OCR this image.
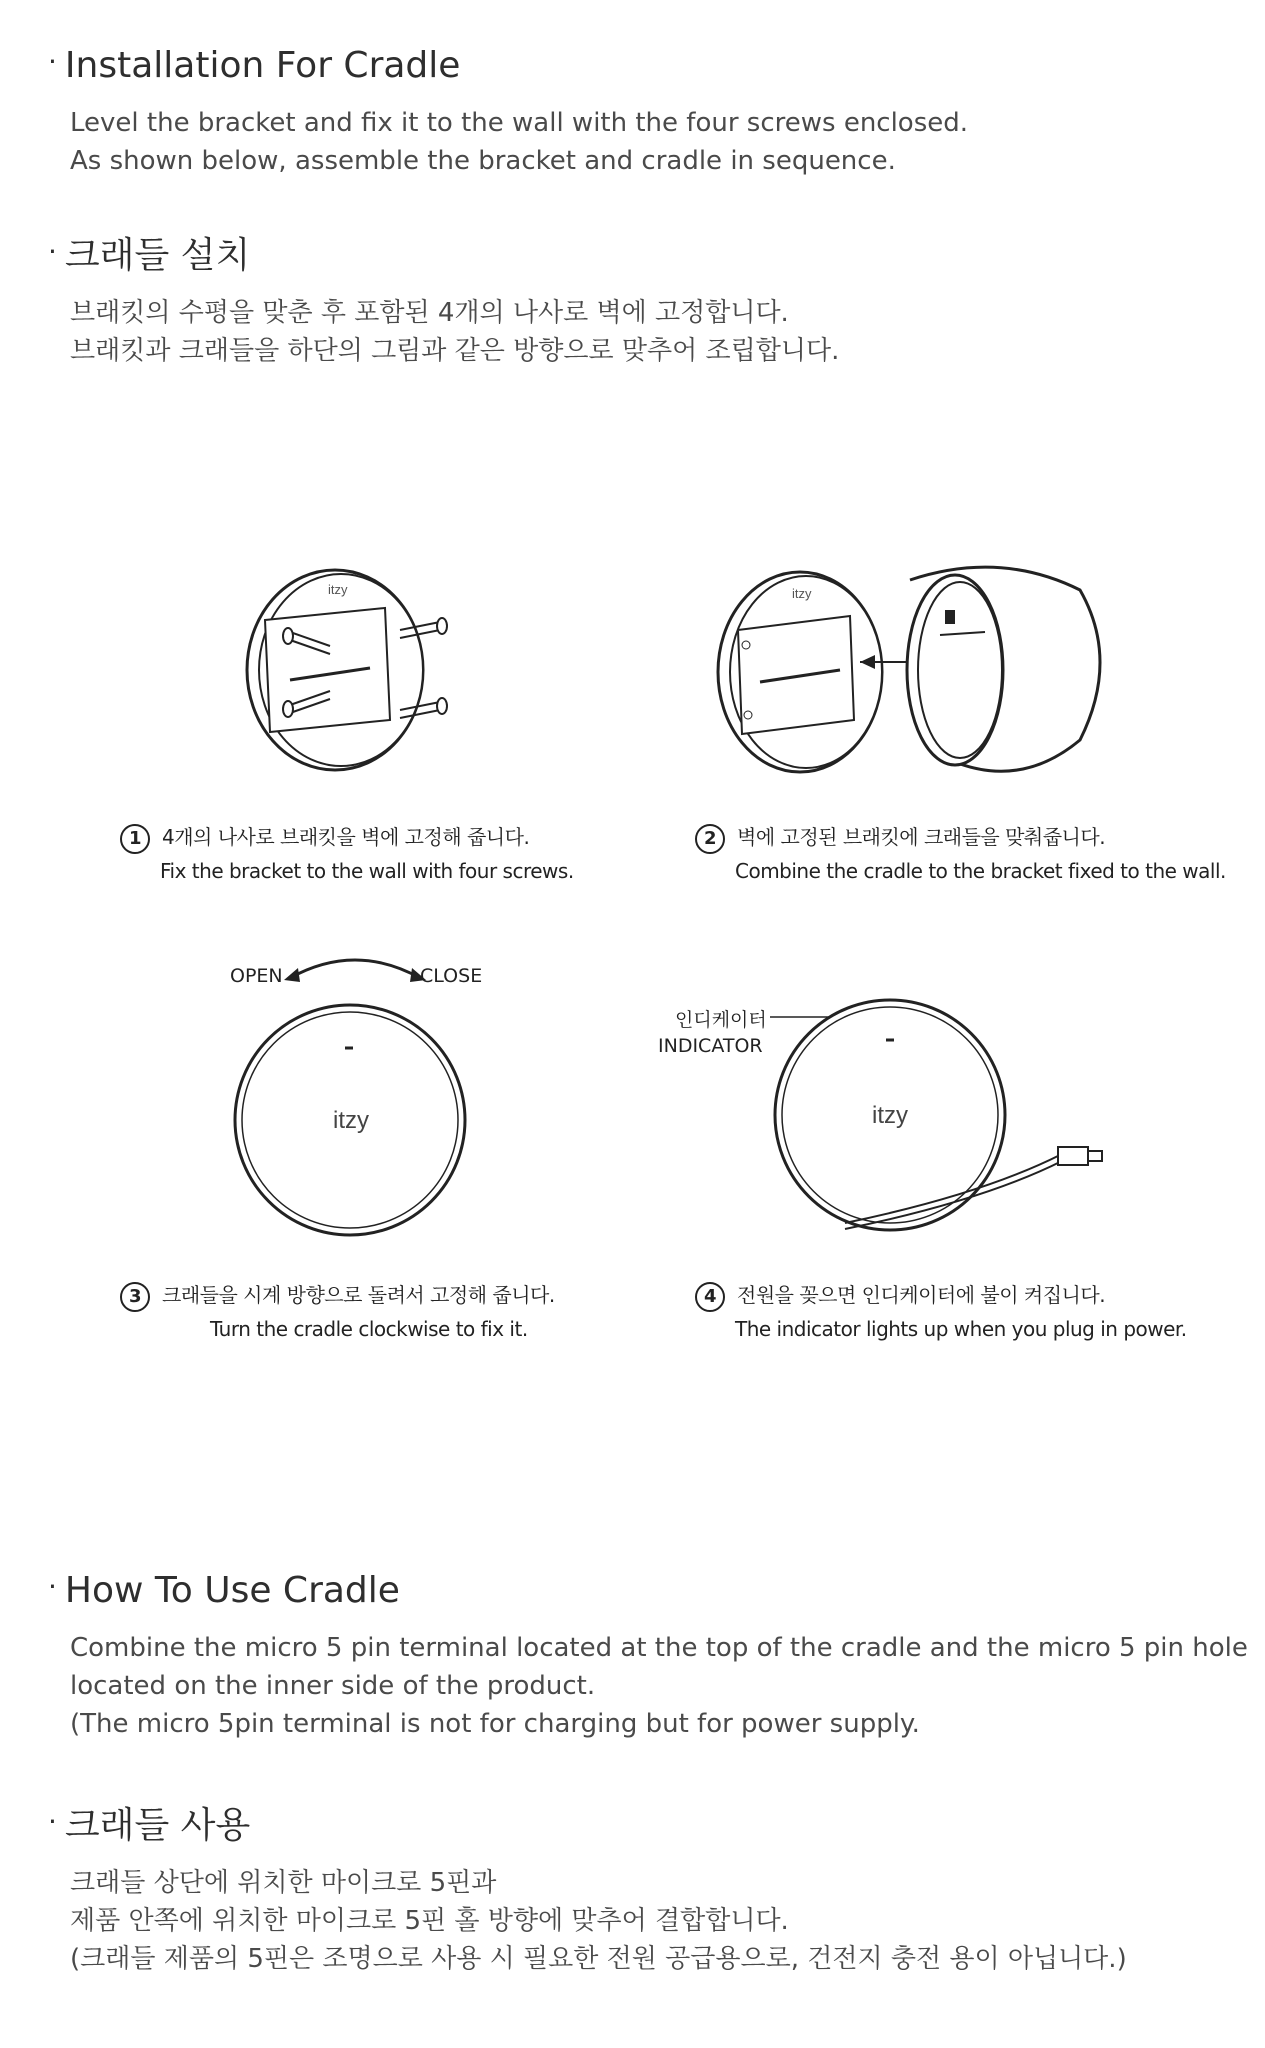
· Installation For Cradle
Level the bracket and fix it to the wall with the four screws enclosed.
As shown below, assemble the bracket and cradle in sequence.
· 크래들 설치
브래킷의 수평을 맞춘 후 포함된 4개의 나사로 벽에 고정합니다.
브래킷과 크래들을 하단의 그림과 같은 방향으로 맞추어 조립합니다.
itzy	itzy
1 4개의 나사로 브래킷을 벽에 고정해 줍니다.
Fix the bracket to the wall with four screws.
2 벽에 고정된 브래킷에 크래들을 맞춰줍니다.
Combine the cradle to the bracket fixed to the wall.
OPEN	CLOSE
itzy
인디케이터
INDICATOR
itzy
3 크래들을 시계 방향으로 돌려서 고정해 줍니다.
Turn the cradle clockwise to fix it.
4 전원을 꽂으면 인디케이터에 불이 켜집니다.
The indicator lights up when you plug in power.
· How To Use Cradle
Combine the micro 5 pin terminal located at the top of the cradle and the micro 5 pin hole
located on the inner side of the product.
(The micro 5pin terminal is not for charging but for power supply.
· 크래들 사용
크래들 상단에 위치한 마이크로 5핀과
제품 안쪽에 위치한 마이크로 5핀 홀 방향에 맞추어 결합합니다.
(크래들 제품의 5핀은 조명으로 사용 시 필요한 전원 공급용으로, 건전지 충전 용이 아닙니다.)
